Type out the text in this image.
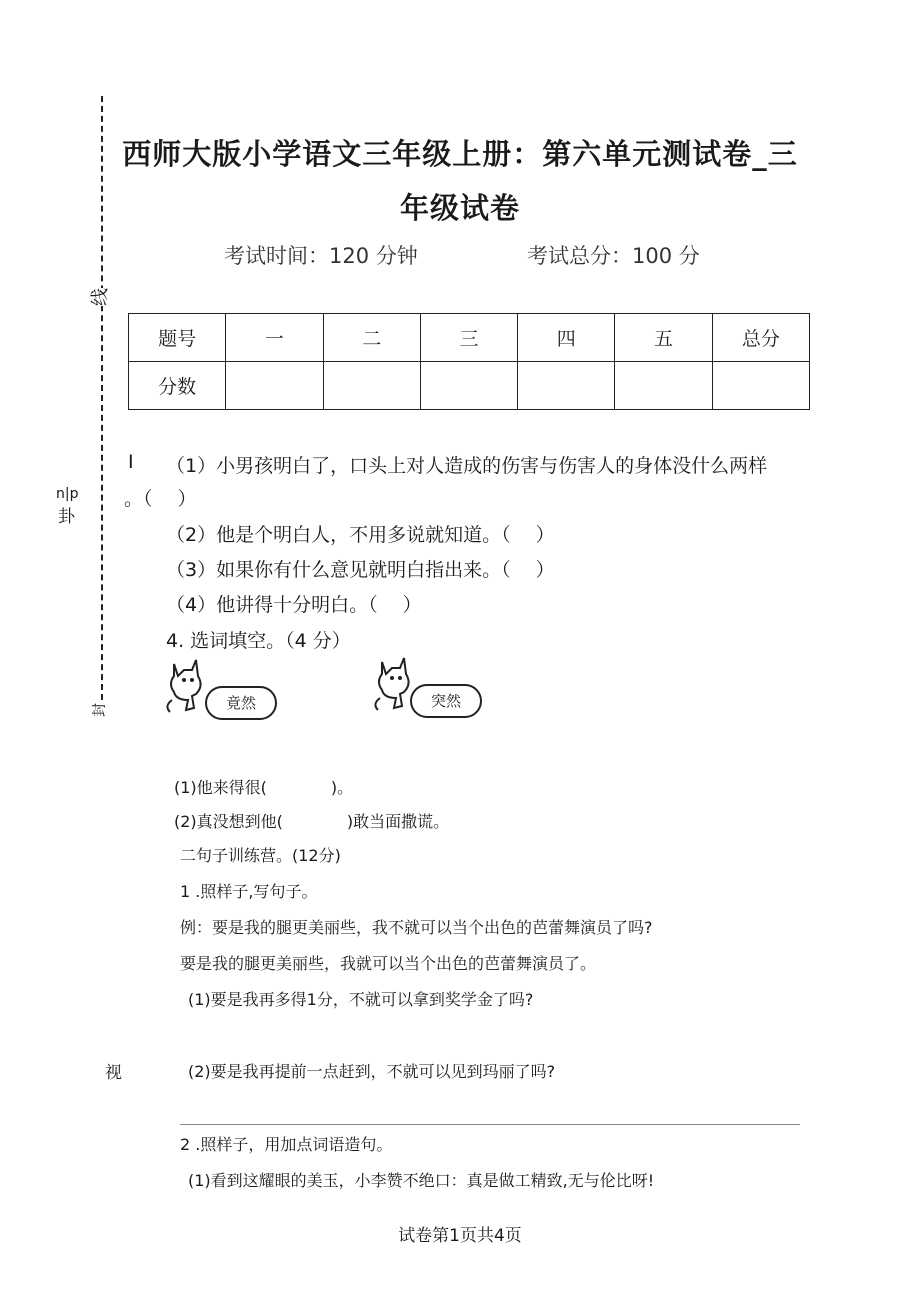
线
n|p
卦
封
视
西师大版小学语文三年级上册：第六单元测试卷_三
年级试卷
考试时间：120 分钟	考试总分：100 分
题号	一	二	三	四	五	总分
分数						
I （1）小男孩明白了，口头上对人造成的伤害与伤害人的身体没什么两样
。（　 ）
（2）他是个明白人，不用多说就知道。（　 ）
（3）如果你有什么意见就明白指出来。（　 ）
（4）他讲得十分明白。（　 ）
4. 选词填空。（4 分）
竟然	突然
(1)他来得很(　　　　)。
(2)真没想到他(　　　　)敢当面撒谎。
二句子训练营。(12分)
1 .照样子,写句子。
例：要是我的腿更美丽些，我不就可以当个出色的芭蕾舞演员了吗?
要是我的腿更美丽些，我就可以当个出色的芭蕾舞演员了。
(1)要是我再多得1分，不就可以拿到奖学金了吗?
(2)要是我再提前一点赶到，不就可以见到玛丽了吗?
2 .照样子，用加点词语造句。
(1)看到这耀眼的美玉，小李赞不绝口：真是做工精致,无与伦比呀!
试卷第1页共4页
